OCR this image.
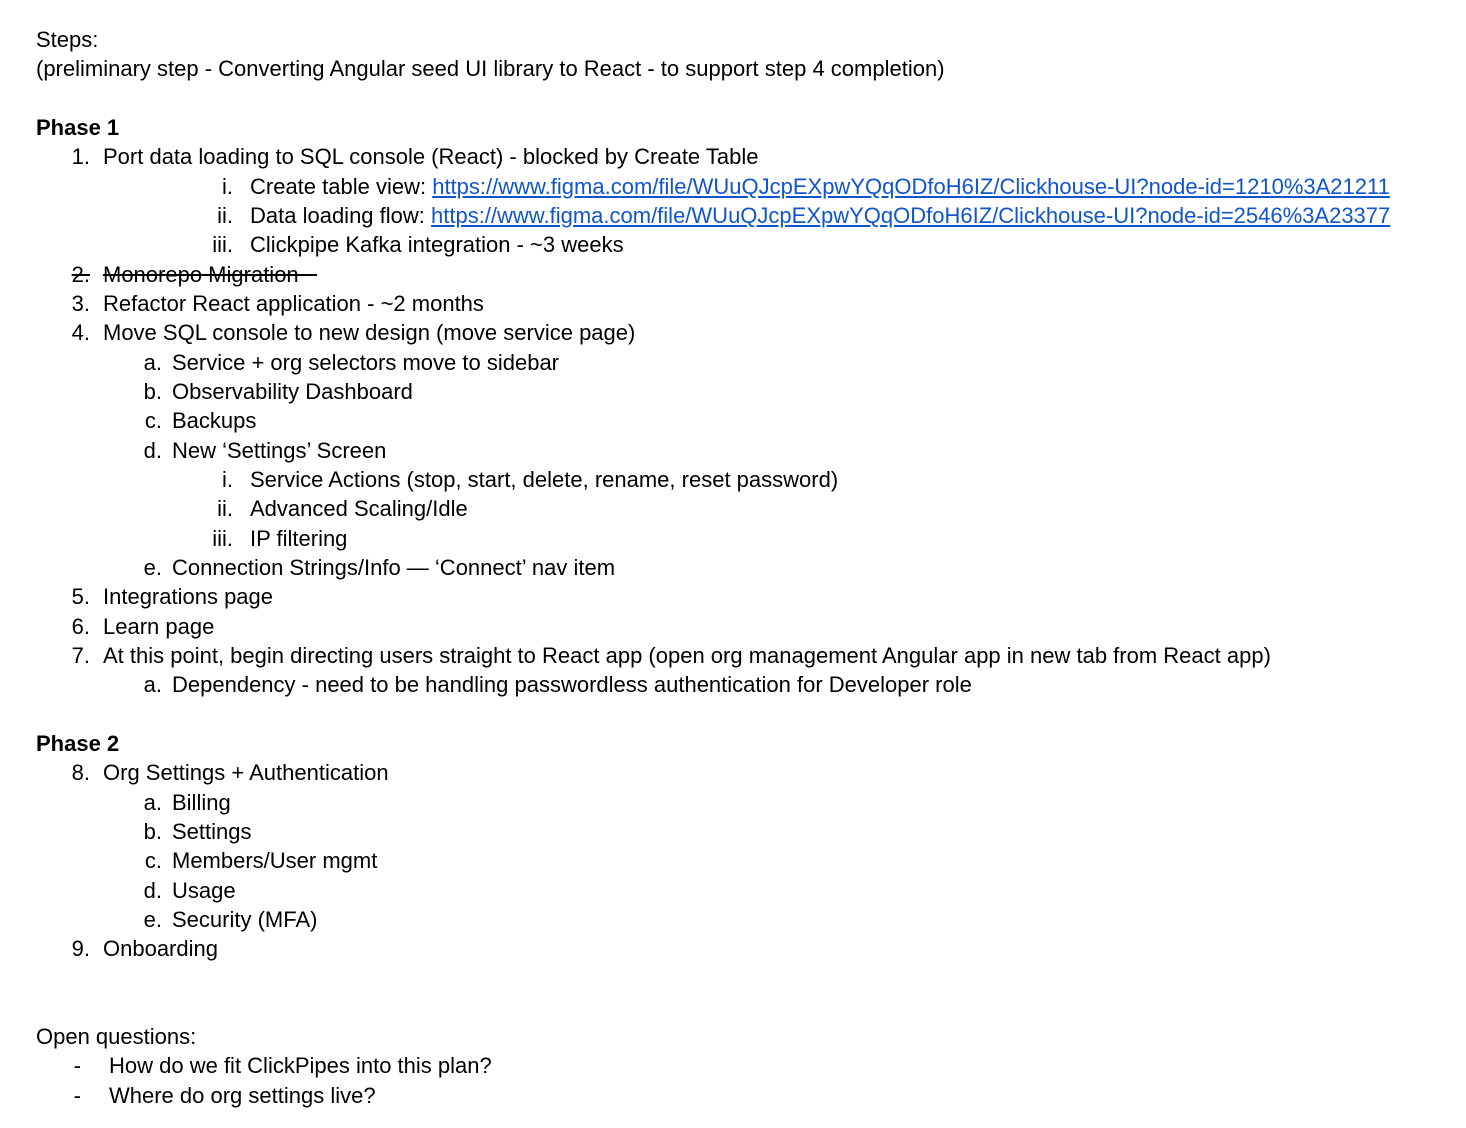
Steps:
(preliminary step - Converting Angular seed UI library to React - to support step 4 completion)

Phase 1
1. Port data loading to SQL console (React) - blocked by Create Table
i. Create table view: https://www.figma.com/file/WUuQJcpEXpwYQqODfoH6IZ/Clickhouse-UI?node-id=1210%3A21211
ii. Data loading flow: https://www.figma.com/file/WUuQJcpEXpwYQqODfoH6IZ/Clickhouse-UI?node-id=2546%3A23377
iii. Clickpipe Kafka integration - ~3 weeks
2. Monorepo Migration
3. Refactor React application - ~2 months
4. Move SQL console to new design (move service page)
a. Service + org selectors move to sidebar
b. Observability Dashboard
c. Backups
d. New ‘Settings’ Screen
i. Service Actions (stop, start, delete, rename, reset password)
ii. Advanced Scaling/Idle
iii. IP filtering
e. Connection Strings/Info — ‘Connect’ nav item
5. Integrations page
6. Learn page
7. At this point, begin directing users straight to React app (open org management Angular app in new tab from React app)
a. Dependency - need to be handling passwordless authentication for Developer role

Phase 2
8. Org Settings + Authentication
a. Billing
b. Settings
c. Members/User mgmt
d. Usage
e. Security (MFA)
9. Onboarding

Open questions:
- How do we fit ClickPipes into this plan?
- Where do org settings live?
